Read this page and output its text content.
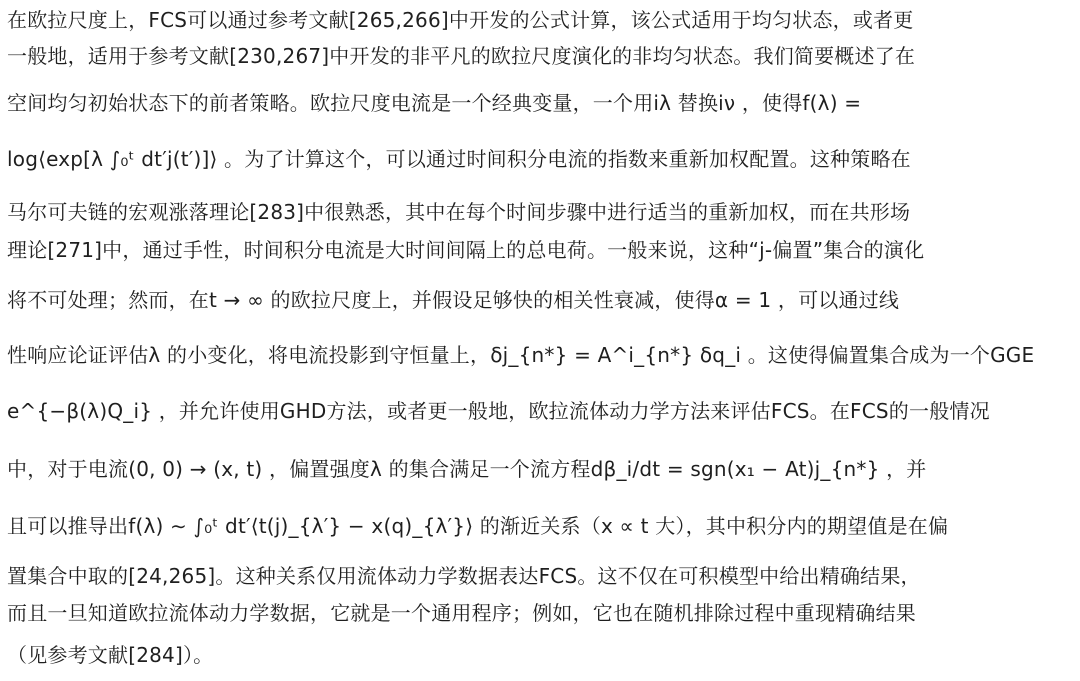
在欧拉尺度上，FCS可以通过参考文献[265,266]中开发的公式计算，该公式适用于均匀状态，或者更
一般地，适用于参考文献[230,267]中开发的非平凡的欧拉尺度演化的非均匀状态。我们简要概述了在
空间均匀初始状态下的前者策略。欧拉尺度电流是一个经典变量，一个用iλ 替换iν ，使得f(λ) =
log⟨exp[λ ∫₀ᵗ dt′j(t′)]⟩ 。为了计算这个，可以通过时间积分电流的指数来重新加权配置。这种策略在
马尔可夫链的宏观涨落理论[283]中很熟悉，其中在每个时间步骤中进行适当的重新加权，而在共形场
理论[271]中，通过手性，时间积分电流是大时间间隔上的总电荷。一般来说，这种“j-偏置”集合的演化
将不可处理；然而，在t → ∞ 的欧拉尺度上，并假设足够快的相关性衰减，使得α = 1 ，可以通过线
性响应论证评估λ 的小变化，将电流投影到守恒量上，δj_{n*} = A^i_{n*} δq_i 。这使得偏置集合成为一个GGE
e^{−β(λ)Q_i} ，并允许使用GHD方法，或者更一般地，欧拉流体动力学方法来评估FCS。在FCS的一般情况
中，对于电流(0, 0) → (x, t) ，偏置强度λ 的集合满足一个流方程dβ_i/dt = sgn(x₁ − At)j_{n*} ，并
且可以推导出f(λ) ∼ ∫₀ᵗ dt′⟨t(j)_{λ′} − x(q)_{λ′}⟩ 的渐近关系（x ∝ t 大），其中积分内的期望值是在偏
置集合中取的[24,265]。这种关系仅用流体动力学数据表达FCS。这不仅在可积模型中给出精确结果，
而且一旦知道欧拉流体动力学数据，它就是一个通用程序；例如，它也在随机排除过程中重现精确结果
（见参考文献[284]）。
